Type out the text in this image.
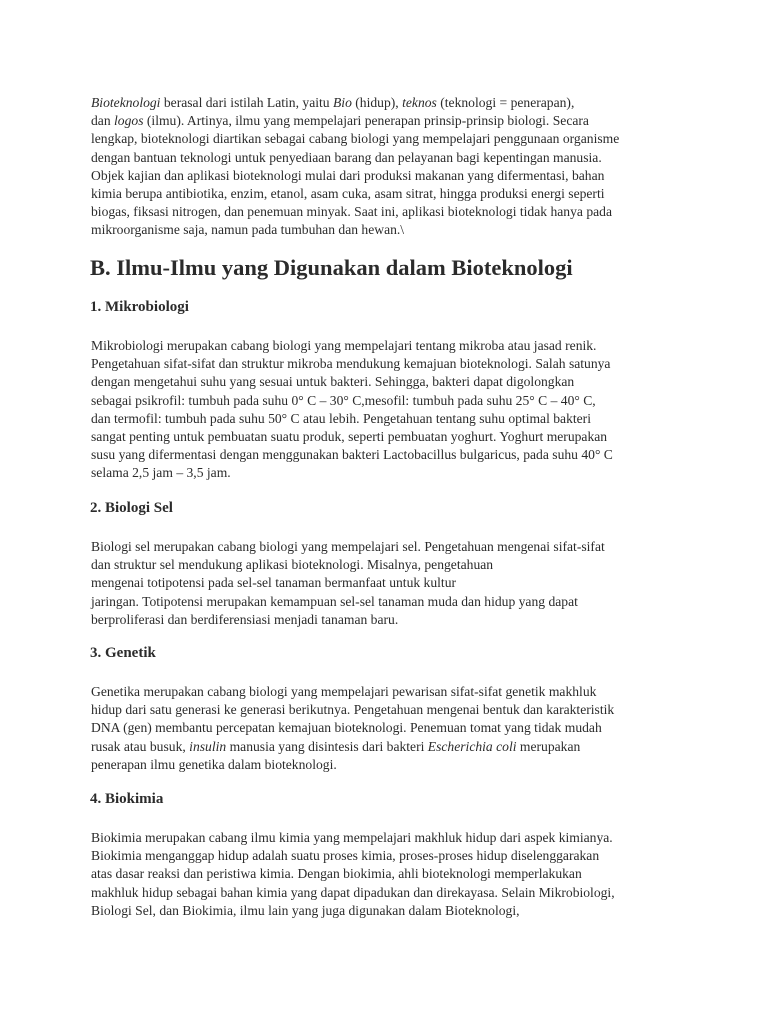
Bioteknologi berasal dari istilah Latin, yaitu Bio (hidup), teknos (teknologi = penerapan),
dan logos (ilmu). Artinya, ilmu yang mempelajari penerapan prinsip-prinsip biologi. Secara
lengkap, bioteknologi diartikan sebagai cabang biologi yang mempelajari penggunaan organisme
dengan bantuan teknologi untuk penyediaan barang dan pelayanan bagi kepentingan manusia.
Objek kajian dan aplikasi bioteknologi mulai dari produksi makanan yang difermentasi, bahan
kimia berupa antibiotika, enzim, etanol, asam cuka, asam sitrat, hingga produksi energi seperti
biogas, fiksasi nitrogen, dan penemuan minyak. Saat ini, aplikasi bioteknologi tidak hanya pada
mikroorganisme saja, namun pada tumbuhan dan hewan.\
B. Ilmu-Ilmu yang Digunakan dalam Bioteknologi
1. Mikrobiologi
Mikrobiologi merupakan cabang biologi yang mempelajari tentang mikroba atau jasad renik.
Pengetahuan sifat-sifat dan struktur mikroba mendukung kemajuan bioteknologi. Salah satunya
dengan mengetahui suhu yang sesuai untuk bakteri. Sehingga, bakteri dapat digolongkan
sebagai psikrofil: tumbuh pada suhu 0° C – 30° C,mesofil: tumbuh pada suhu 25° C – 40° C,
dan termofil: tumbuh pada suhu 50° C atau lebih. Pengetahuan tentang suhu optimal bakteri
sangat penting untuk pembuatan suatu produk, seperti pembuatan yoghurt. Yoghurt merupakan
susu yang difermentasi dengan menggunakan bakteri Lactobacillus bulgaricus, pada suhu 40° C
selama 2,5 jam – 3,5 jam.
2. Biologi Sel
Biologi sel merupakan cabang biologi yang mempelajari sel. Pengetahuan mengenai sifat-sifat
dan struktur sel mendukung aplikasi bioteknologi. Misalnya, pengetahuan
mengenai totipotensi pada sel-sel tanaman bermanfaat untuk kultur
jaringan. Totipotensi merupakan kemampuan sel-sel tanaman muda dan hidup yang dapat
berproliferasi dan berdiferensiasi menjadi tanaman baru.
3. Genetik
Genetika merupakan cabang biologi yang mempelajari pewarisan sifat-sifat genetik makhluk
hidup dari satu generasi ke generasi berikutnya. Pengetahuan mengenai bentuk dan karakteristik
DNA (gen) membantu percepatan kemajuan bioteknologi. Penemuan tomat yang tidak mudah
rusak atau busuk, insulin manusia yang disintesis dari bakteri Escherichia coli merupakan
penerapan ilmu genetika dalam bioteknologi.
4. Biokimia
Biokimia merupakan cabang ilmu kimia yang mempelajari makhluk hidup dari aspek kimianya.
Biokimia menganggap hidup adalah suatu proses kimia, proses-proses hidup diselenggarakan
atas dasar reaksi dan peristiwa kimia. Dengan biokimia, ahli bioteknologi memperlakukan
makhluk hidup sebagai bahan kimia yang dapat dipadukan dan direkayasa. Selain Mikrobiologi,
Biologi Sel, dan Biokimia, ilmu lain yang juga digunakan dalam Bioteknologi,
